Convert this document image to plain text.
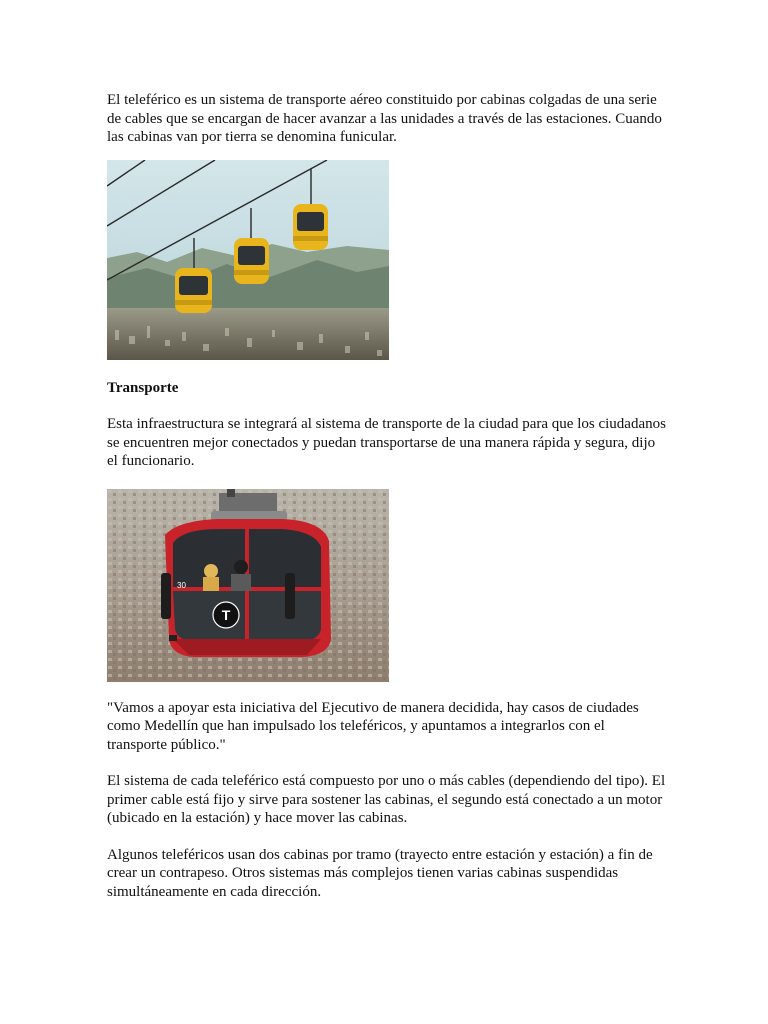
El teleférico es un sistema de transporte aéreo constituido por cabinas colgadas de una serie de cables que se encargan de hacer avanzar a las unidades a través de las estaciones. Cuando las cabinas van por tierra se denomina funicular.

Transporte

Esta infraestructura se integrará al sistema de transporte de la ciudad para que los ciudadanos se encuentren mejor conectados y puedan transportarse de una manera rápida y segura, dijo el funcionario.

T
30

"Vamos a apoyar esta iniciativa del Ejecutivo de manera decidida, hay casos de ciudades como Medellín que han impulsado los teleféricos, y apuntamos a integrarlos con el transporte público."

El sistema de cada teleférico está compuesto por uno o más cables (dependiendo del tipo). El primer cable está fijo y sirve para sostener las cabinas, el segundo está conectado a un motor (ubicado en la estación) y hace mover las cabinas.

Algunos teleféricos usan dos cabinas por tramo (trayecto entre estación y estación) a fin de crear un contrapeso. Otros sistemas más complejos tienen varias cabinas suspendidas simultáneamente en cada dirección.
